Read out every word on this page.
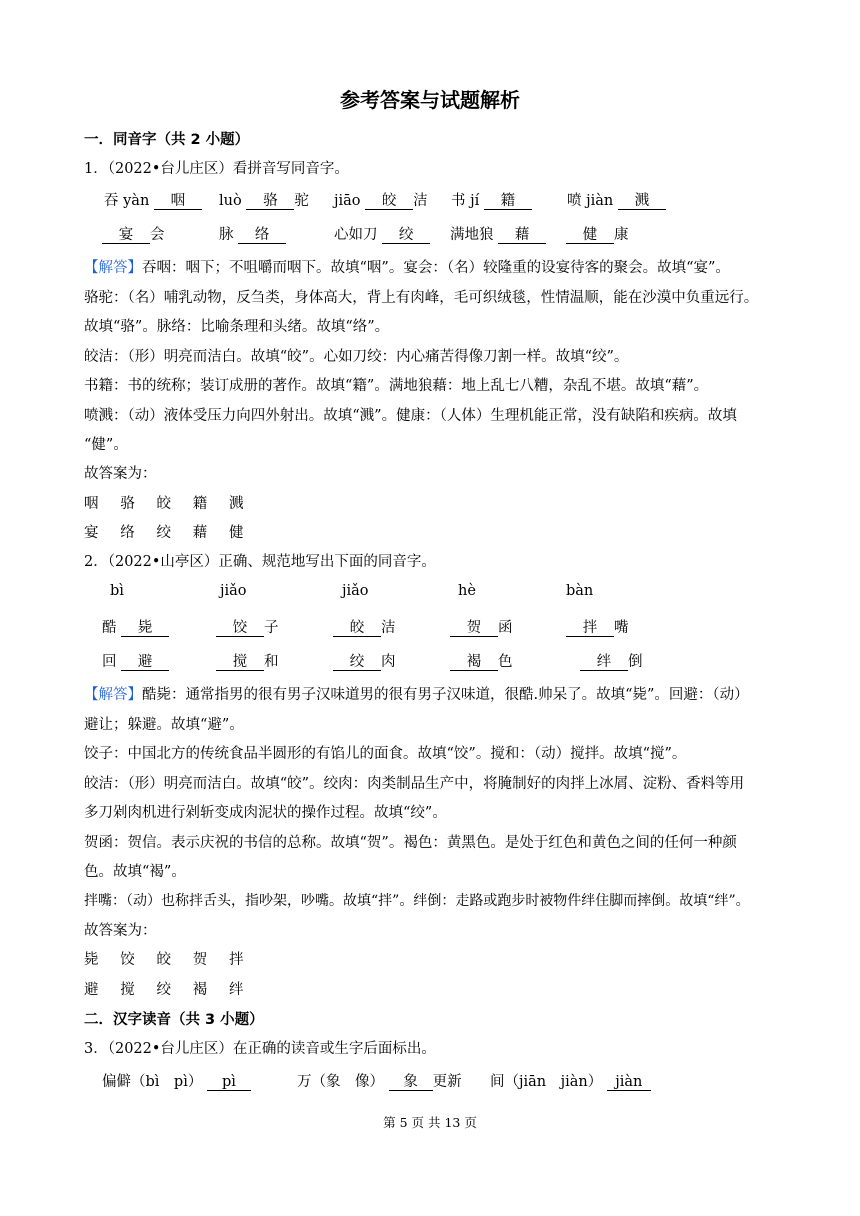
参考答案与试题解析
一．同音字（共 2 小题）
1．（2022•台儿庄区）看拼音写同音字。
吞 yàn 咽	luò 骆 驼 jiāo 皎 洁 书 jí 籍	喷 jiàn 溅
宴 会	脉 络	心如刀 绞	满地狼 藉	健 康
【解答】吞咽：咽下；不咀嚼而咽下。故填“咽”。宴会：（名）较隆重的设宴待客的聚会。故填“宴”。
骆驼：（名）哺乳动物，反刍类，身体高大，背上有肉峰，毛可织绒毯，性情温顺，能在沙漠中负重远行。
故填“骆”。脉络：比喻条理和头绪。故填“络”。
皎洁：（形）明亮而洁白。故填“皎”。心如刀绞：内心痛苦得像刀割一样。故填“绞”。
书籍：书的统称；装订成册的著作。故填“籍”。满地狼藉：地上乱七八糟，杂乱不堪。故填“藉”。
喷溅：（动）液体受压力向四外射出。故填“溅”。健康：（人体）生理机能正常，没有缺陷和疾病。故填
“健”。
故答案为：
咽   骆   皎   籍   溅
宴   络   绞   藉   健
2．（2022•山亭区）正确、规范地写出下面的同音字。
bì	jiǎo	jiǎo	hè	bàn
酷 毙	饺 子	皎 洁	贺 函	拌 嘴
回 避	搅 和	绞 肉	褐 色	绊 倒
【解答】酷毙：通常指男的很有男子汉味道男的很有男子汉味道，很酷.帅呆了。故填“毙”。回避：（动）
避让；躲避。故填“避”。
饺子：中国北方的传统食品半圆形的有馅儿的面食。故填“饺”。搅和：（动）搅拌。故填“搅”。
皎洁：（形）明亮而洁白。故填“皎”。绞肉：肉类制品生产中，将腌制好的肉拌上冰屑、淀粉、香料等用
多刀剁肉机进行剁斩变成肉泥状的操作过程。故填“绞”。
贺函：贺信。表示庆祝的书信的总称。故填“贺”。褐色：黄黑色。是处于红色和黄色之间的任何一种颜
色。故填“褐”。
拌嘴：（动）也称拌舌头，指吵架，吵嘴。故填“拌”。绊倒：走路或跑步时被物件绊住脚而摔倒。故填“绊”。
故答案为：
毙   饺   皎   贺   拌
避   搅   绞   褐   绊
二．汉字读音（共 3 小题）
3．（2022•台儿庄区）在正确的读音或生字后面标出。
偏僻（bì　pì） pì	万（象　像） 象 更新 间（jiān　jiàn） jiàn
第 5 页 共 13 页
